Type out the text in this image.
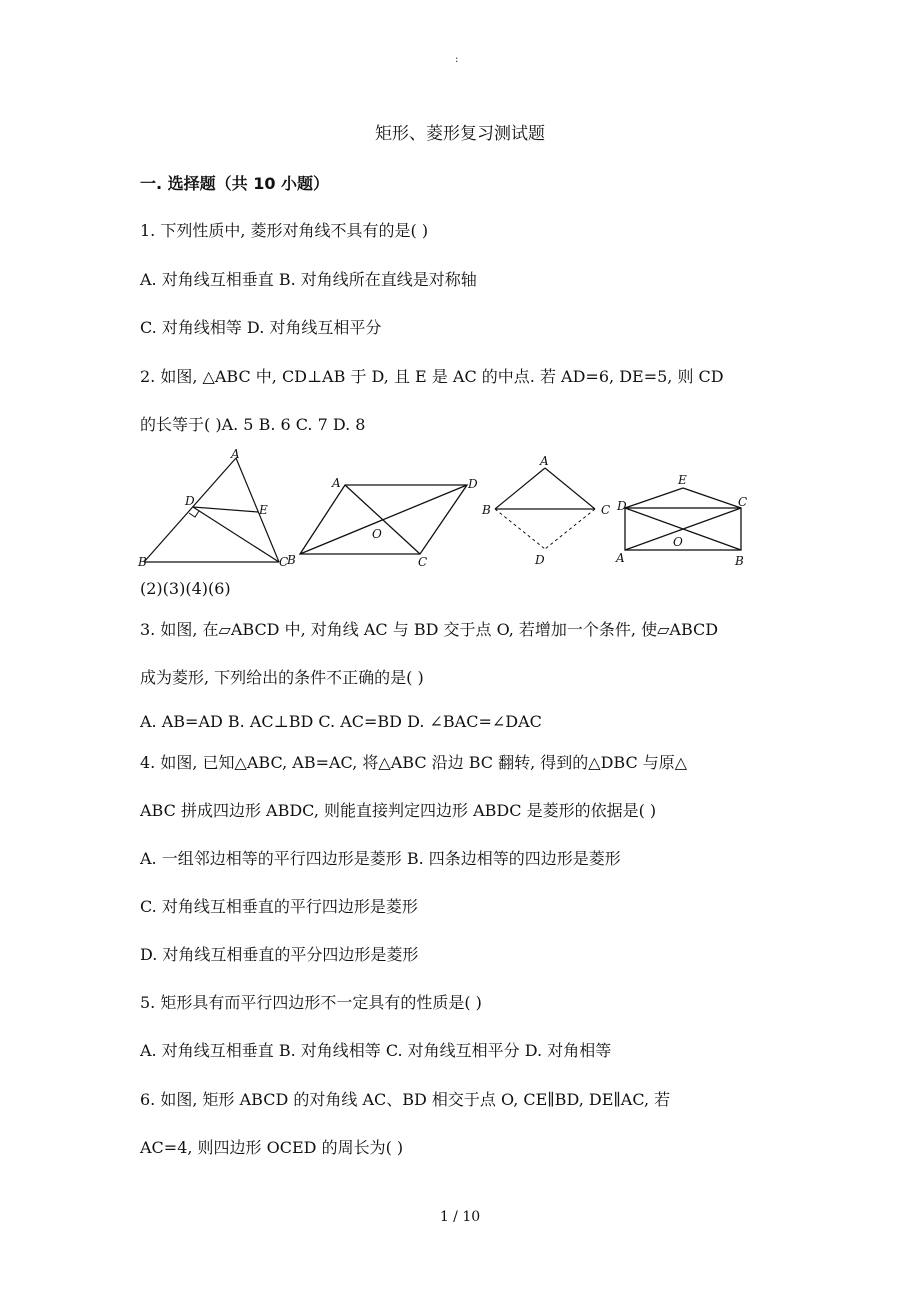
:
矩形、菱形复习测试题
一. 选择题（共 10 小题）
1. 下列性质中, 菱形对角线不具有的是( )
A. 对角线互相垂直 B. 对角线所在直线是对称轴
C. 对角线相等 D. 对角线互相平分
2. 如图, △ABC 中, CD⊥AB 于 D, 且 E 是 AC 的中点. 若 AD=6, DE=5, 则 CD
的长等于( )A. 5 B. 6 C. 7 D. 8
A
D
E
B	C
A	D
O
B	C
A
B	C
D
E
D	C
O
A	B
(2)(3)(4)(6)
3. 如图, 在▱ABCD 中, 对角线 AC 与 BD 交于点 O, 若增加一个条件, 使▱ABCD
成为菱形, 下列给出的条件不正确的是( )
A. AB=AD B. AC⊥BD C. AC=BD D. ∠BAC=∠DAC
4. 如图, 已知△ABC, AB=AC, 将△ABC 沿边 BC 翻转, 得到的△DBC 与原△
ABC 拼成四边形 ABDC, 则能直接判定四边形 ABDC 是菱形的依据是( )
A. 一组邻边相等的平行四边形是菱形 B. 四条边相等的四边形是菱形
C. 对角线互相垂直的平行四边形是菱形
D. 对角线互相垂直的平分四边形是菱形
5. 矩形具有而平行四边形不一定具有的性质是( )
A. 对角线互相垂直 B. 对角线相等 C. 对角线互相平分 D. 对角相等
6. 如图, 矩形 ABCD 的对角线 AC、BD 相交于点 O, CE∥BD, DE∥AC, 若
AC=4, 则四边形 OCED 的周长为( )
1 / 10
